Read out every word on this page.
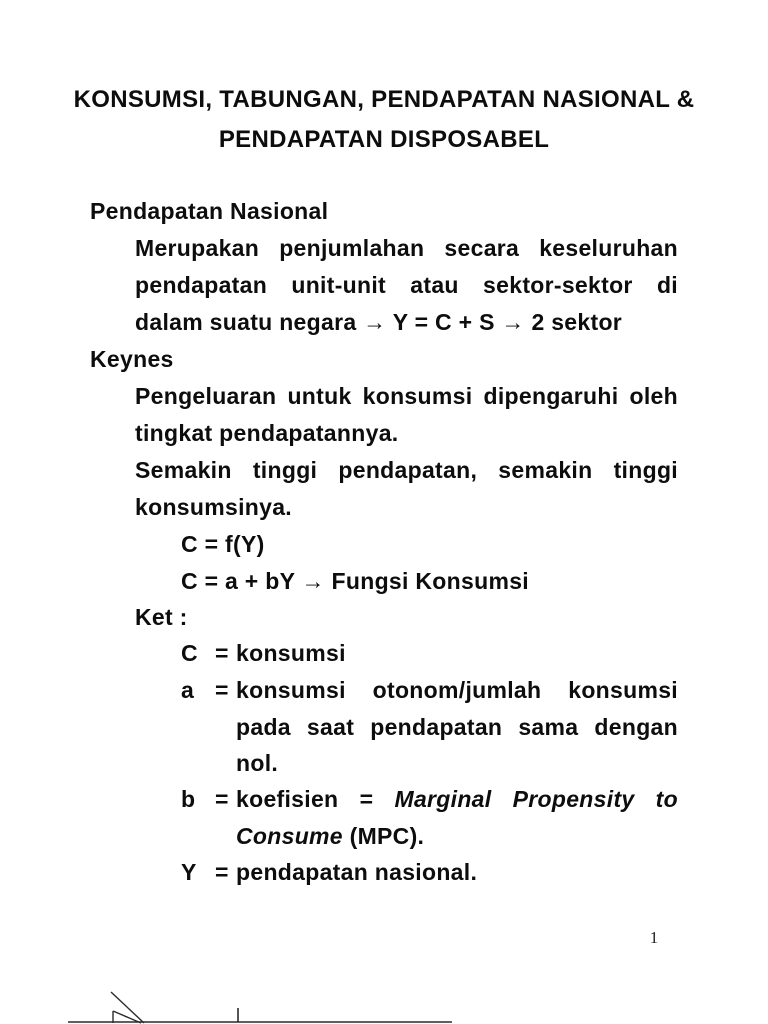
KONSUMSI, TABUNGAN, PENDAPATAN NASIONAL &
PENDAPATAN DISPOSABEL
Pendapatan Nasional
Merupakan penjumlahan secara keseluruhan
pendapatan unit-unit atau sektor-sektor di
dalam suatu negara → Y = C + S → 2 sektor
Keynes
Pengeluaran untuk konsumsi dipengaruhi oleh
tingkat pendapatannya.
Semakin tinggi pendapatan, semakin tinggi
konsumsinya.
C = f(Y)
C = a + bY → Fungsi Konsumsi
Ket :
C = konsumsi
a = konsumsi otonom/jumlah konsumsi
pada saat pendapatan sama dengan
nol.
b = koefisien = Marginal Propensity to
Consume (MPC).
Y = pendapatan nasional.
1
